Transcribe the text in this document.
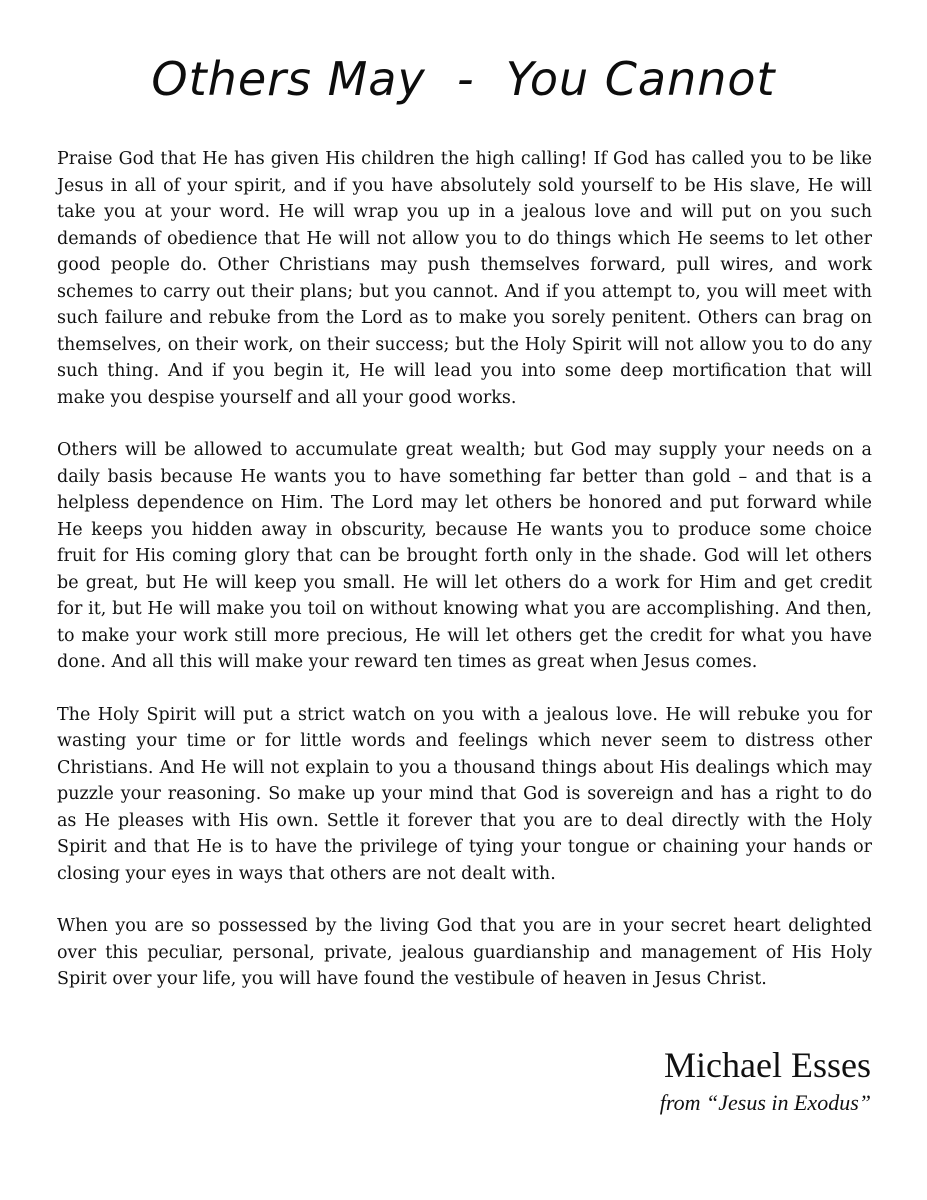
Others May  -  You Cannot

Praise God that He has given His children the high calling! If God has called you to be like Jesus in all of your spirit, and if you have absolutely sold yourself to be His slave, He will take you at your word. He will wrap you up in a jealous love and will put on you such demands of obedience that He will not allow you to do things which He seems to let other good people do. Other Christians may push themselves forward, pull wires, and work schemes to carry out their plans; but you cannot. And if you attempt to, you will meet with such failure and rebuke from the Lord as to make you sorely penitent. Others can brag on themselves, on their work, on their success; but the Holy Spirit will not allow you to do any such thing. And if you begin it, He will lead you into some deep mortification that will make you despise yourself and all your good works.

Others will be allowed to accumulate great wealth; but God may supply your needs on a daily basis because He wants you to have something far better than gold – and that is a helpless dependence on Him. The Lord may let others be honored and put forward while He keeps you hidden away in obscurity, because He wants you to produce some choice fruit for His coming glory that can be brought forth only in the shade. God will let others be great, but He will keep you small. He will let others do a work for Him and get credit for it, but He will make you toil on without knowing what you are accomplishing. And then, to make your work still more precious, He will let others get the credit for what you have done. And all this will make your reward ten times as great when Jesus comes.

The Holy Spirit will put a strict watch on you with a jealous love. He will rebuke you for wasting your time or for little words and feelings which never seem to distress other Christians. And He will not explain to you a thousand things about His dealings which may puzzle your reasoning. So make up your mind that God is sovereign and has a right to do as He pleases with His own. Settle it forever that you are to deal directly with the Holy Spirit and that He is to have the privilege of tying your tongue or chaining your hands or closing your eyes in ways that others are not dealt with.

When you are so possessed by the living God that you are in your secret heart delighted over this peculiar, personal, private, jealous guardianship and management of His Holy Spirit over your life, you will have found the vestibule of heaven in Jesus Christ.

Michael Esses
from “Jesus in Exodus”
